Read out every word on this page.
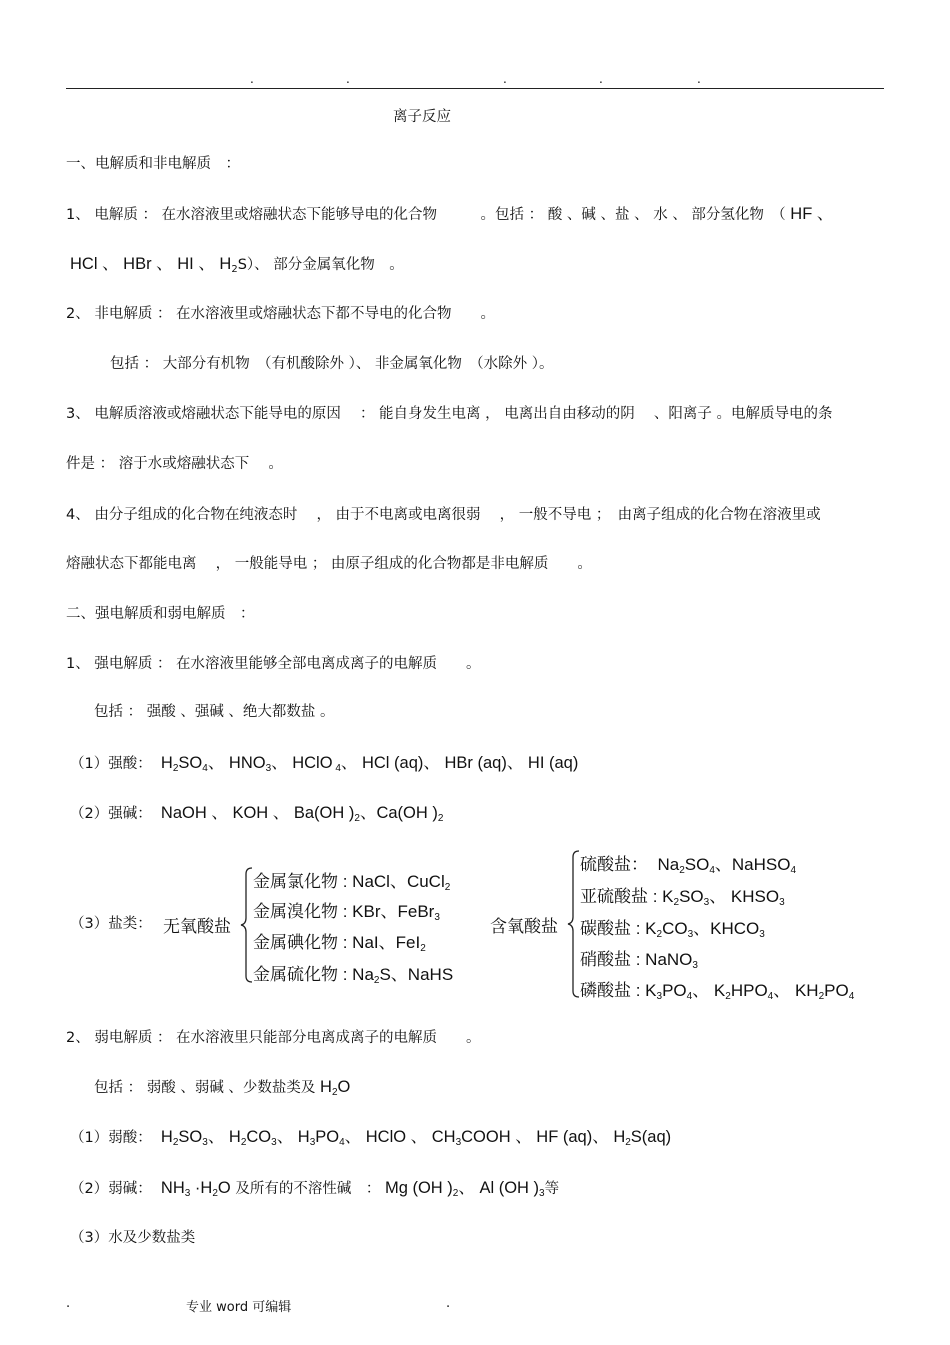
.	.	.	.	.
离子反应
一、电解质和非电解质　：
1、 电解质 ： 在水溶液里或熔融状态下能够导电的化合物　　　。包括 ： 酸 、碱 、盐 、 水 、 部分氢化物　（ HF 、
HCl 、 HBr 、 HI 、 $H_2S$）、 部分金属氧化物　。
2、 非电解质 ： 在水溶液里或熔融状态下都不导电的化合物　　。
包括 ： 大部分有机物　（有机酸除外 ）、 非金属氧化物　（水除外 ）。
3、 电解质溶液或熔融状态下能导电的原因　 ： 能自身发生电离 ， 电离出自由移动的阴　 、阳离子 。电解质导电的条
件是 ： 溶于水或熔融状态下　 。
4、 由分子组成的化合物在纯液态时　 ， 由于不电离或电离很弱　 ， 一般不导电 ；　由离子组成的化合物在溶液里或
熔融状态下都能电离　 ， 一般能导电 ； 由原子组成的化合物都是非电解质　　。
二、强电解质和弱电解质　：
1、 强电解质 ： 在水溶液里能够全部电离成离子的电解质　　。
包括 ： 强酸 、强碱 、绝大都数盐 。
（1）强酸：  $H_2SO_4$、 $HNO_3$、 HClO $_4$、 HCl (aq)、 HBr (aq)、 HI (aq)
（2）强碱：  NaOH 、 KOH 、 Ba(OH )$_2$、Ca(OH )$_2$
（3）盐类： 无氧酸盐
金属氯化物 : NaCl、CuCl$_2$
金属溴化物 : KBr、FeBr$_3$
金属碘化物 : NaI、FeI$_2$
金属硫化物 : $Na_2S$、NaHS
含氧酸盐
硫酸盐：  $Na_2SO_4$、NaHSO$_4$
亚硫酸盐 : $K_2SO_3$、 $KHSO_3$
碳酸盐 : $K_2CO_3$、$KHCO_3$
硝酸盐 : NaNO$_3$
磷酸盐 : $K_3PO_4$、 $K_2HPO_4$、 $KH_2PO_4$
2、 弱电解质 ： 在水溶液里只能部分电离成离子的电解质　　。
包括 ： 弱酸 、弱碱 、少数盐类及 $H_2O$
（1）弱酸：  $H_2SO_3$、 $H_2CO_3$、 $H_3PO_4$、 HClO 、 $CH_3COOH$ 、 HF (aq)、 $H_2S(aq)$
（2）弱碱：  $NH_3 \cdot H_2O$ 及所有的不溶性碱　： Mg (OH )$_2$、 Al (OH )$_3$等
（3）水及少数盐类
.	专业 word 可编辑	.
